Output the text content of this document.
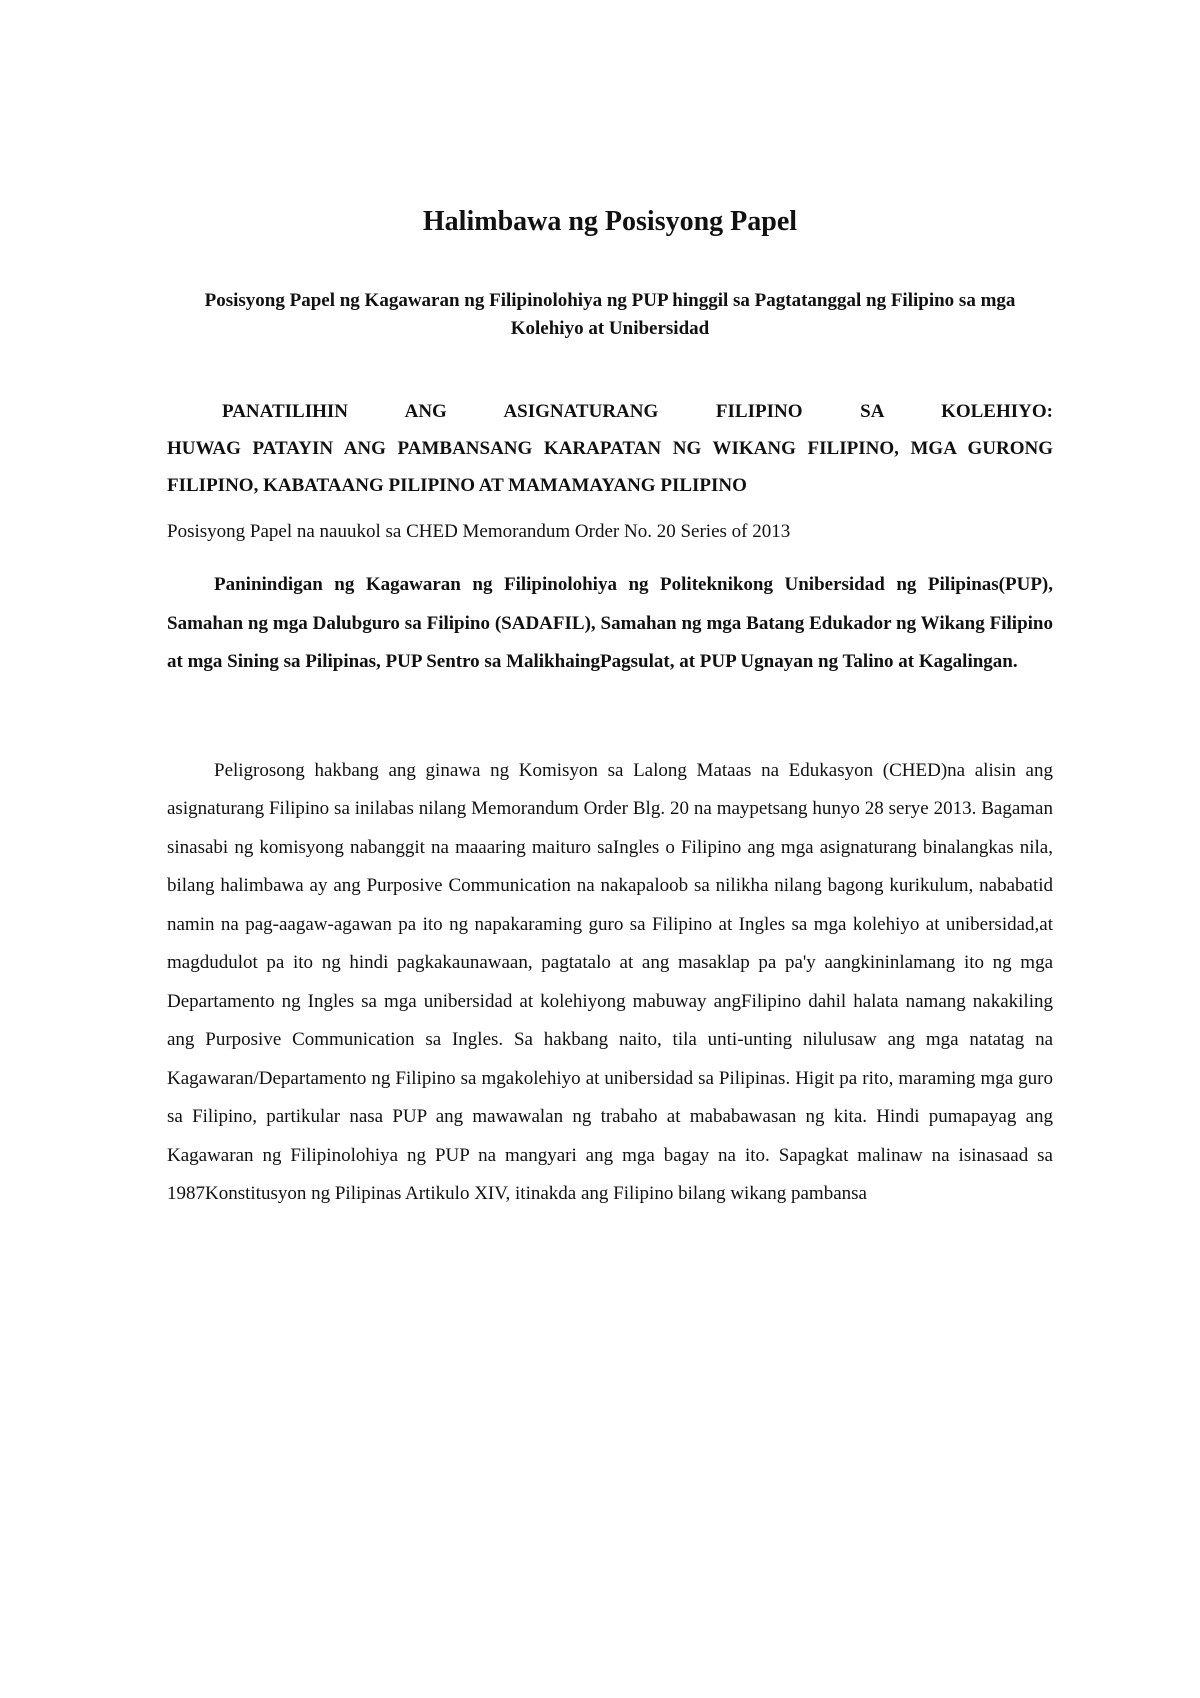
Halimbawa ng Posisyong Papel

Posisyong Papel ng Kagawaran ng Filipinolohiya ng PUP hinggil sa Pagtatanggal ng Filipino sa mga Kolehiyo at Unibersidad

PANATILIHIN ANG ASIGNATURANG FILIPINO SA KOLEHIYO:
HUWAG PATAYIN ANG PAMBANSANG KARAPATAN NG WIKANG FILIPINO, MGA GURONG FILIPINO, KABATAANG PILIPINO AT MAMAMAYANG PILIPINO

Posisyong Papel na nauukol sa CHED Memorandum Order No. 20 Series of 2013

Paninindigan ng Kagawaran ng Filipinolohiya ng Politeknikong Unibersidad ng Pilipinas(PUP), Samahan ng mga Dalubguro sa Filipino (SADAFIL), Samahan ng mga Batang Edukador ng Wikang Filipino at mga Sining sa Pilipinas, PUP Sentro sa MalikhaingPagsulat, at PUP Ugnayan ng Talino at Kagalingan.

Peligrosong hakbang ang ginawa ng Komisyon sa Lalong Mataas na Edukasyon (CHED)na alisin ang asignaturang Filipino sa inilabas nilang Memorandum Order Blg. 20 na maypetsang hunyo 28 serye 2013. Bagaman sinasabi ng komisyong nabanggit na maaaring maituro saIngles o Filipino ang mga asignaturang binalangkas nila, bilang halimbawa ay ang Purposive Communication na nakapaloob sa nilikha nilang bagong kurikulum, nababatid namin na pag-aagaw-agawan pa ito ng napakaraming guro sa Filipino at Ingles sa mga kolehiyo at unibersidad,at magdudulot pa ito ng hindi pagkakaunawaan, pagtatalo at ang masaklap pa pa'y aangkininlamang ito ng mga Departamento ng Ingles sa mga unibersidad at kolehiyong mabuway angFilipino dahil halata namang nakakiling ang Purposive Communication sa Ingles. Sa hakbang naito, tila unti-unting nilulusaw ang mga natatag na Kagawaran/Departamento ng Filipino sa mgakolehiyo at unibersidad sa Pilipinas. Higit pa rito, maraming mga guro sa Filipino, partikular nasa PUP ang mawawalan ng trabaho at mababawasan ng kita. Hindi pumapayag ang Kagawaran ng Filipinolohiya ng PUP na mangyari ang mga bagay na ito. Sapagkat malinaw na isinasaad sa 1987Konstitusyon ng Pilipinas Artikulo XIV, itinakda ang Filipino bilang wikang pambansa
